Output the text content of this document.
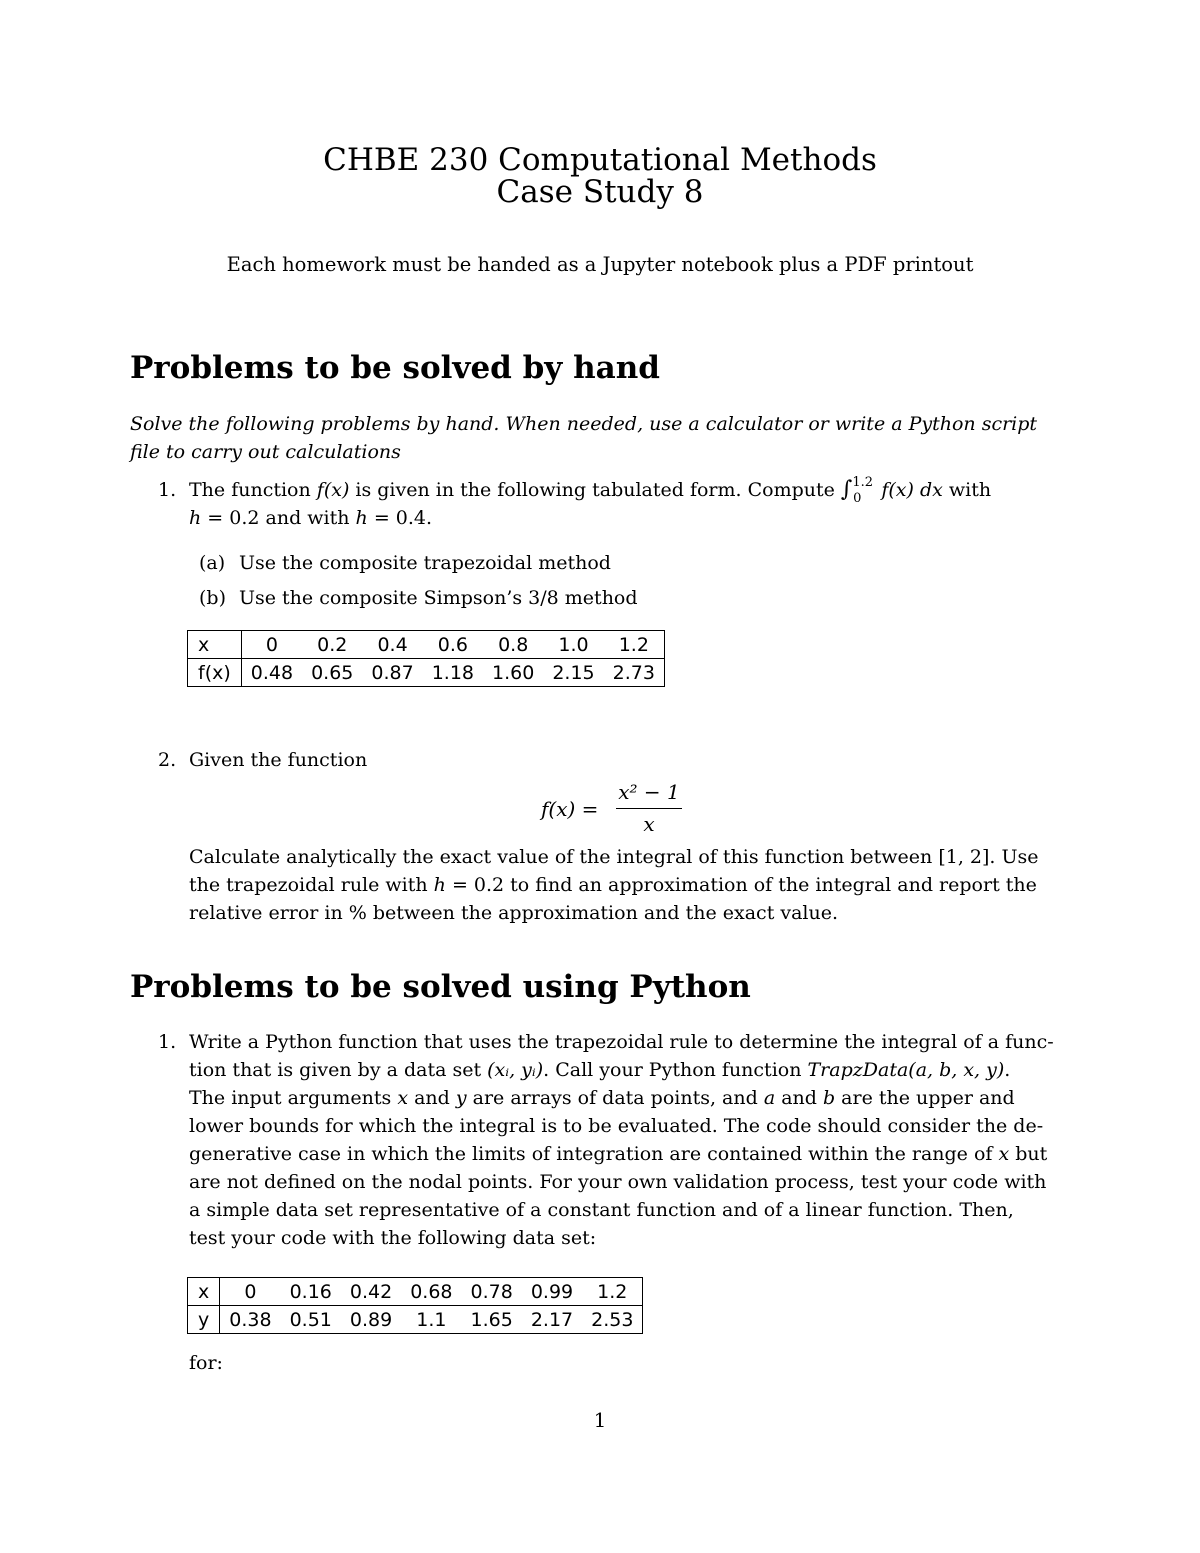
CHBE 230 Computational Methods
Case Study 8
Each homework must be handed as a Jupyter notebook plus a PDF printout
Problems to be solved by hand
Solve the following problems by hand. When needed, use a calculator or write a Python script
file to carry out calculations
1. The function f(x) is given in the following tabulated form. Compute ∫$^{1.2}_0$ f(x) dx with
h = 0.2 and with h = 0.4.
(a) Use the composite trapezoidal method
(b) Use the composite Simpson’s 3/8 method
x	0	0.2	0.4	0.6	0.8	1.0	1.2
f(x)	0.48	0.65	0.87	1.18	1.60	2.15	2.73
2. Given the function
f(x) =
x² − 1
x
Calculate analytically the exact value of the integral of this function between [1, 2]. Use
the trapezoidal rule with h = 0.2 to find an approximation of the integral and report the
relative error in % between the approximation and the exact value.
Problems to be solved using Python
1. Write a Python function that uses the trapezoidal rule to determine the integral of a func-
tion that is given by a data set (xᵢ, yᵢ). Call your Python function TrapzData(a, b, x, y).
The input arguments x and y are arrays of data points, and a and b are the upper and
lower bounds for which the integral is to be evaluated. The code should consider the de-
generative case in which the limits of integration are contained within the range of x but
are not defined on the nodal points. For your own validation process, test your code with
a simple data set representative of a constant function and of a linear function. Then,
test your code with the following data set:
x	0	0.16	0.42	0.68	0.78	0.99	1.2
y	0.38	0.51	0.89	1.1	1.65	2.17	2.53
for:
1
